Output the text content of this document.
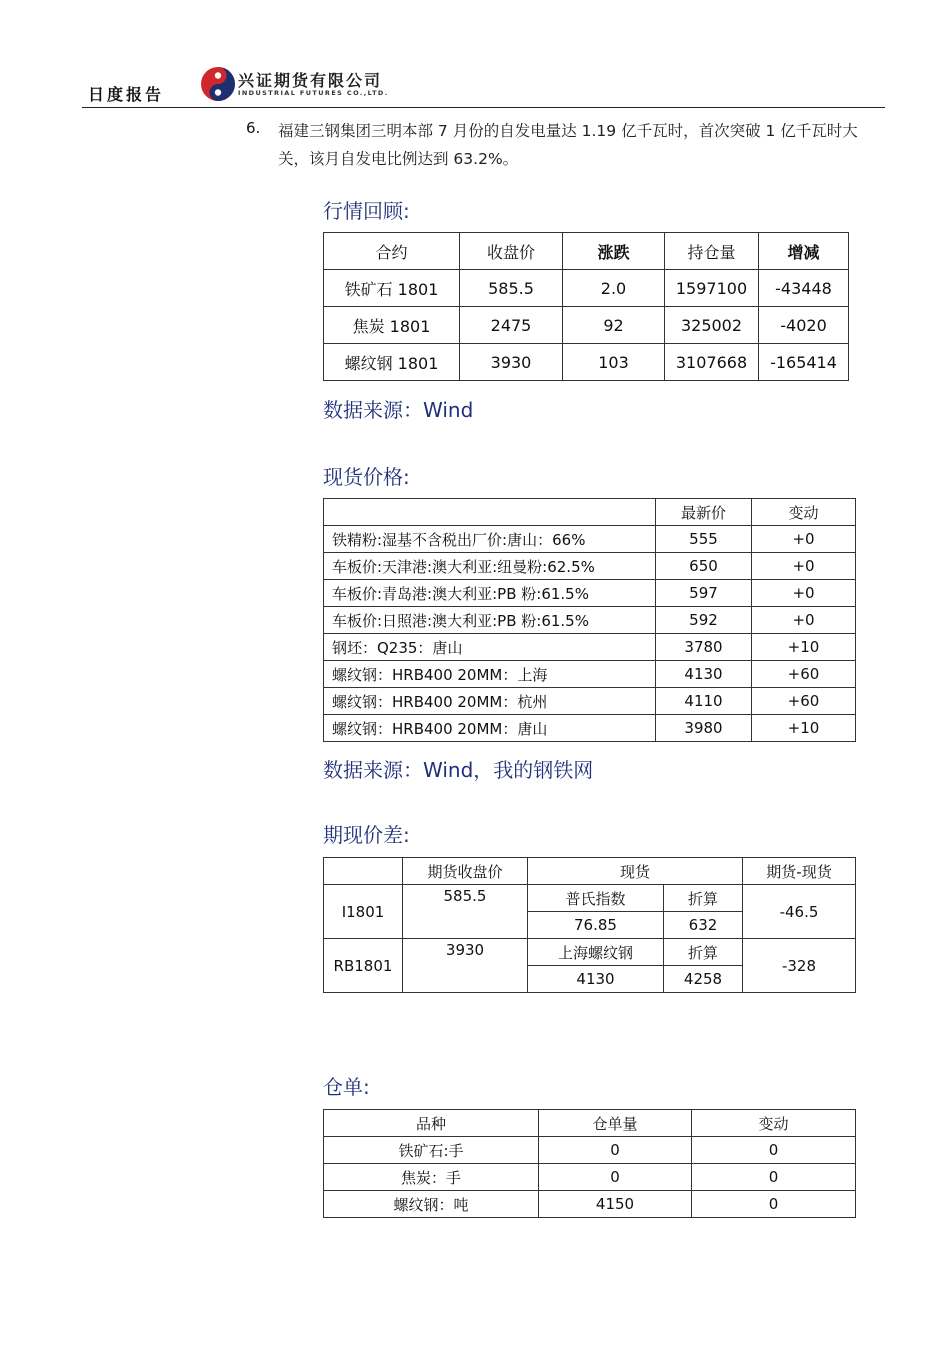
日度报告
兴证期货有限公司
INDUSTRIAL FUTURES CO.,LTD.
6. 福建三钢集团三明本部 7 月份的自发电量达 1.19 亿千瓦时，首次突破 1 亿千瓦时大关，该月自发电比例达到 63.2%。
行情回顾:
合约	收盘价	涨跌	持仓量	增减
铁矿石 1801	585.5	2.0	1597100	-43448
焦炭 1801	2475	92	325002	-4020
螺纹钢 1801	3930	103	3107668	-165414
数据来源：Wind
现货价格:
	最新价	变动
铁精粉:湿基不含税出厂价:唐山：66%	555	+0
车板价:天津港:澳大利亚:纽曼粉:62.5%	650	+0
车板价:青岛港:澳大利亚:PB 粉:61.5%	597	+0
车板价:日照港:澳大利亚:PB 粉:61.5%	592	+0
钢坯：Q235：唐山	3780	+10
螺纹钢：HRB400 20MM：上海	4130	+60
螺纹钢：HRB400 20MM：杭州	4110	+60
螺纹钢：HRB400 20MM：唐山	3980	+10
数据来源：Wind，我的钢铁网
期现价差:
	期货收盘价	现货		期货-现货
I1801	585.5	普氏指数	折算	-46.5
		76.85	632	
RB1801	3930	上海螺纹钢	折算	-328
		4130	4258	
仓单:
品种	仓单量	变动
铁矿石:手	0	0
焦炭：手	0	0
螺纹钢：吨	4150	0
